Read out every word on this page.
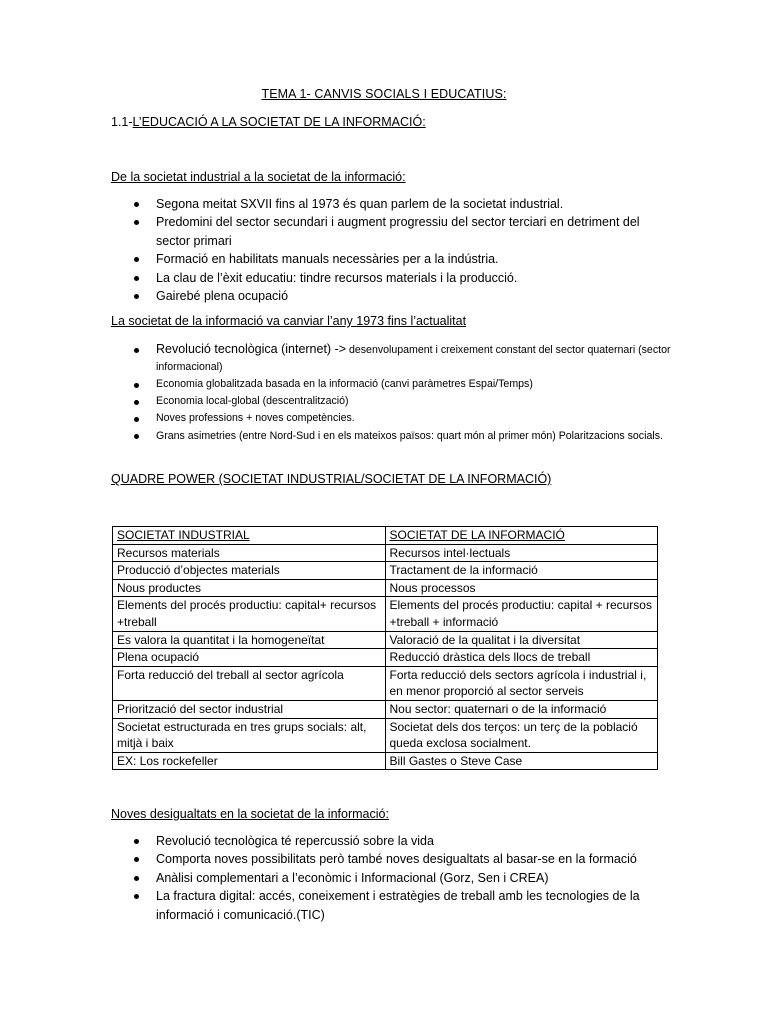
TEMA 1- CANVIS SOCIALS I EDUCATIUS:
1.1-L’EDUCACIÓ A LA SOCIETAT DE LA INFORMACIÓ:
De la societat industrial a la societat de la informació:
Segona meitat SXVII fins al 1973 és quan parlem de la societat industrial.
Predomini del sector secundari i augment progressiu del sector terciari en detriment del sector primari
Formació en habilitats manuals necessàries per a la indústria.
La clau de l’èxit educatiu: tindre recursos materials i la producció.
Gairebé plena ocupació
La societat de la informació va canviar l’any 1973 fins l’actualitat
Revolució tecnològica (internet) -> desenvolupament i creixement constant del sector quaternari (sector informacional)
Economia globalitzada basada en la informació (canvi paràmetres Espai/Temps)
Economia local-global (descentralització)
Noves professions + noves competències.
Grans asimetries (entre Nord-Sud i en els mateixos països: quart món al primer món) Polaritzacions socials.
QUADRE POWER (SOCIETAT INDUSTRIAL/SOCIETAT DE LA INFORMACIÓ)
SOCIETAT INDUSTRIAL	SOCIETAT DE LA INFORMACIÓ
Recursos materials	Recursos intel·lectuals
Producció d’objectes materials	Tractament de la informació
Nous productes	Nous processos
Elements del procés productiu: capital+ recursos +treball	Elements del procés productiu: capital + recursos +treball + informació
Es valora la quantitat i la homogeneïtat	Valoració de la qualitat i la diversitat
Plena ocupació	Reducció dràstica dels llocs de treball
Forta reducció del treball al sector agrícola	Forta reducció dels sectors agrícola i industrial i, en menor proporció al sector serveis
Priorització del sector industrial	Nou sector: quaternari o de la informació
Societat estructurada en tres grups socials: alt, mitjà i baix	Societat dels dos terços: un terç de la població queda exclosa socialment.
EX: Los rockefeller	Bill Gastes o Steve Case
Noves desigualtats en la societat de la informació:
Revolució tecnològica té repercussió sobre la vida
Comporta noves possibilitats però també noves desigualtats al basar-se en la formació
Anàlisi complementari a l’econòmic i Informacional (Gorz, Sen i CREA)
La fractura digital: accés, coneixement i estratègies de treball amb les tecnologies de la informació i comunicació.(TIC)
